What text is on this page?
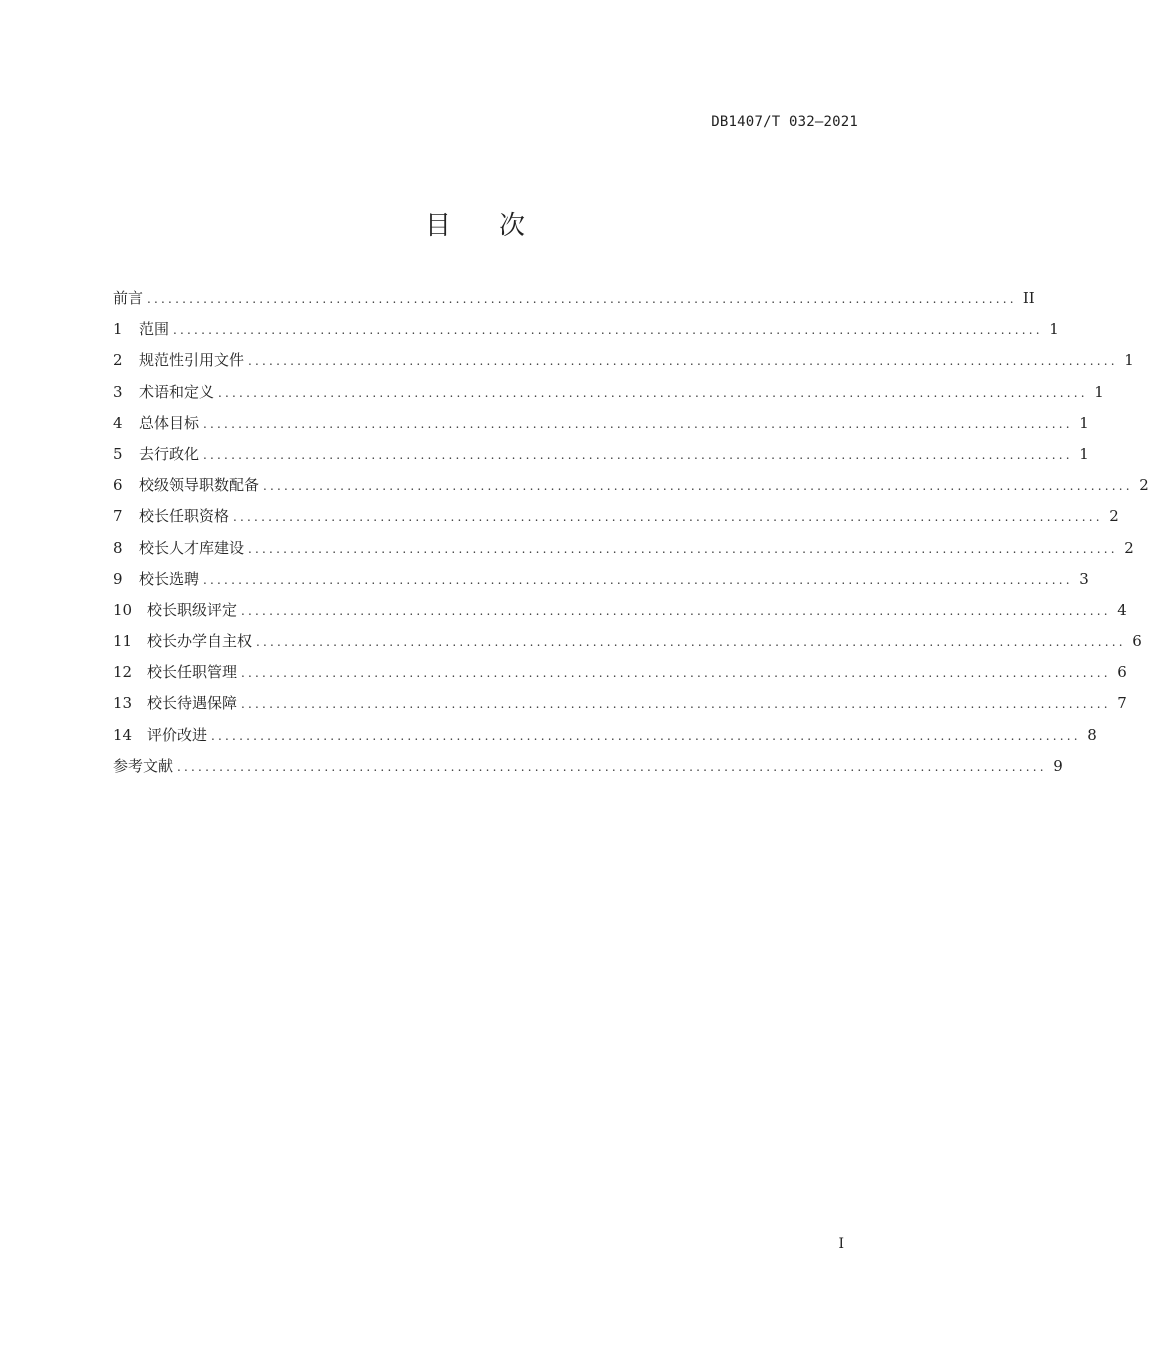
DB1407/T 032—2021
目次
前言 ............................................................................................................................ II
1	范围 ............................................................................................................................ 1
2	规范性引用文件 ............................................................................................................................ 1
3	术语和定义 ............................................................................................................................ 1
4	总体目标 ............................................................................................................................ 1
5	去行政化 ............................................................................................................................ 1
6	校级领导职数配备 ............................................................................................................................ 2
7	校长任职资格 ............................................................................................................................ 2
8	校长人才库建设 ............................................................................................................................ 2
9	校长选聘 ............................................................................................................................ 3
10 校长职级评定 ............................................................................................................................ 4
11 校长办学自主权 ............................................................................................................................ 6
12 校长任职管理 ............................................................................................................................ 6
13 校长待遇保障 ............................................................................................................................ 7
14 评价改进 ............................................................................................................................ 8
参考文献 ............................................................................................................................ 9
I
